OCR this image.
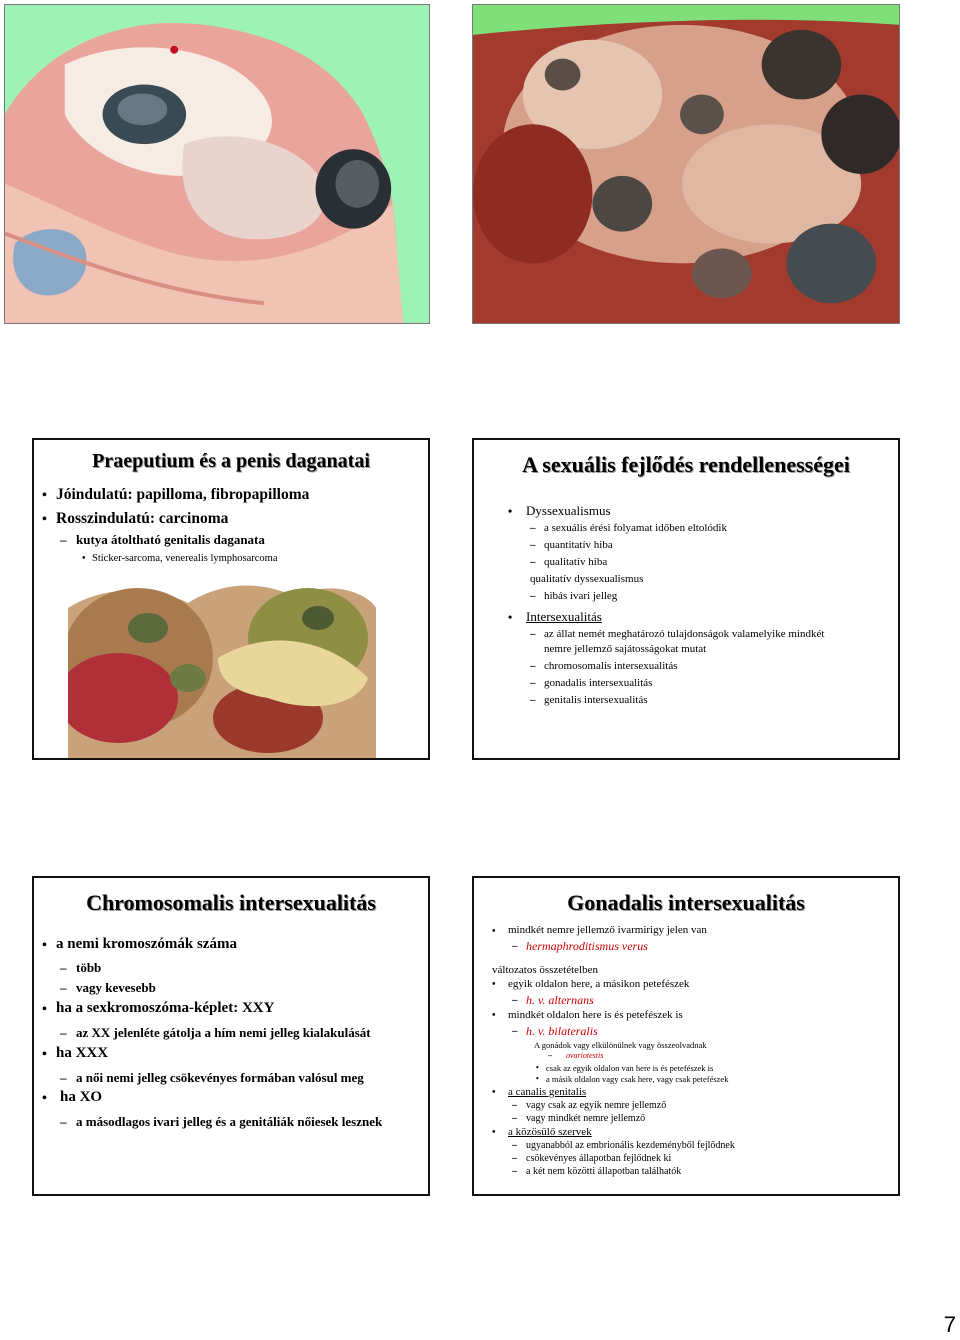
Praeputium és a penis daganatai
• Jóindulatú: papilloma, fibropapilloma
• Rosszindulatú: carcinoma
– kutya átoltható genitalis daganata
• Sticker-sarcoma, venerealis lymphosarcoma
A sexuális fejlődés rendellenességei
• Dyssexualismus
– a sexuális érési folyamat időben eltolódik
– quantitatív hiba
– qualitatív hiba
qualitatív dyssexualismus
– hibás ivari jelleg
• Intersexualitás
– az állat nemét meghatározó tulajdonságok valamelyike mindkét
nemre jellemző sajátosságokat mutat
– chromosomalis intersexualitás
– gonadalis intersexualitás
– genitalis intersexualitás
Chromosomalis intersexualitás
• a nemi kromoszómák száma
– több
– vagy kevesebb
• ha a sexkromoszóma-képlet: XXY
– az XX jelenléte gátolja a hím nemi jelleg kialakulását
• ha XXX
– a női nemi jelleg csökevényes formában valósul meg
• ha XO
– a másodlagos ivari jelleg és a genitáliák nőiesek lesznek
Gonadalis intersexualitás
• mindkét nemre jellemző ivarmirigy jelen van
– hermaphroditismus verus
változatos összetételben
• egyik oldalon here, a másikon petefészek
– h. v. alternans
• mindkét oldalon here is és petefészek is
– h. v. bilateralis
A gonádok vagy elkülönülnek vagy összeolvadnak
– ovariotestis
• csak az egyik oldalon van here is és petefészek is
• a másik oldalon vagy csak here, vagy csak petefészek
• a canalis genitalis
– vagy csak az egyik nemre jellemző
– vagy mindkét nemre jellemző
• a közösülő szervek
– ugyanabból az embrionális kezdeményből fejlődnek
– csökevényes állapotban fejlődnek ki
– a két nem közötti állapotban találhatók
7
